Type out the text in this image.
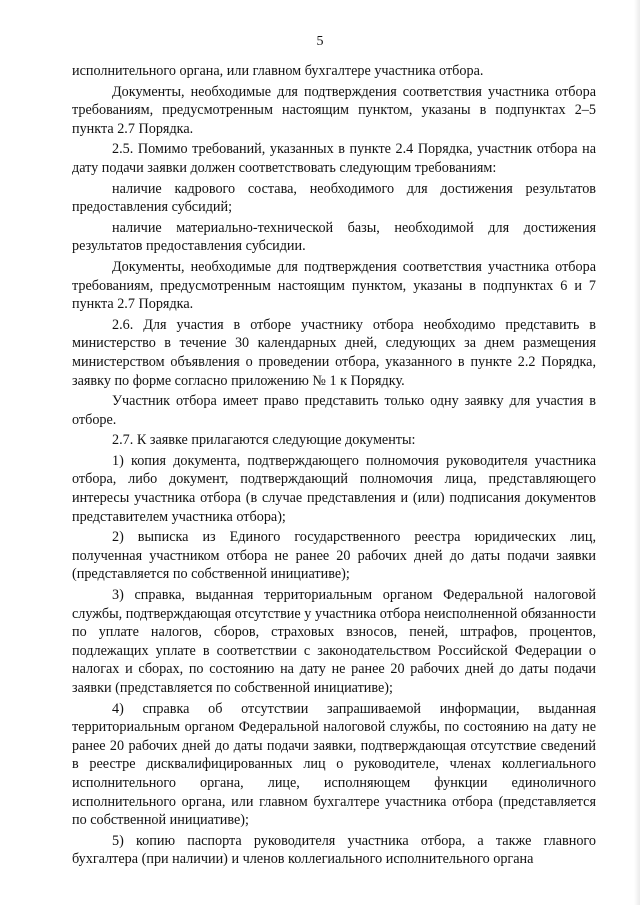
5

исполнительного органа, или главном бухгалтере участника отбора.

Документы, необходимые для подтверждения соответствия участника отбора требованиям, предусмотренным настоящим пунктом, указаны в подпунктах 2–5 пункта 2.7 Порядка.

2.5. Помимо требований, указанных в пункте 2.4 Порядка, участник отбора на дату подачи заявки должен соответствовать следующим требованиям:

наличие кадрового состава, необходимого для достижения результатов предоставления субсидий;

наличие материально-технической базы, необходимой для достижения результатов предоставления субсидии.

Документы, необходимые для подтверждения соответствия участника отбора требованиям, предусмотренным настоящим пунктом, указаны в подпунктах 6 и 7 пункта 2.7 Порядка.

2.6. Для участия в отборе участнику отбора необходимо представить в министерство в течение 30 календарных дней, следующих за днем размещения министерством объявления о проведении отбора, указанного в пункте 2.2 Порядка, заявку по форме согласно приложению № 1 к Порядку.

Участник отбора имеет право представить только одну заявку для участия в отборе.

2.7. К заявке прилагаются следующие документы:

1) копия документа, подтверждающего полномочия руководителя участника отбора, либо документ, подтверждающий полномочия лица, представляющего интересы участника отбора (в случае представления и (или) подписания документов представителем участника отбора);

2) выписка из Единого государственного реестра юридических лиц, полученная участником отбора не ранее 20 рабочих дней до даты подачи заявки (представляется по собственной инициативе);

3) справка, выданная территориальным органом Федеральной налоговой службы, подтверждающая отсутствие у участника отбора неисполненной обязанности по уплате налогов, сборов, страховых взносов, пеней, штрафов, процентов, подлежащих уплате в соответствии с законодательством Российской Федерации о налогах и сборах, по состоянию на дату не ранее 20 рабочих дней до даты подачи заявки (представляется по собственной инициативе);

4) справка об отсутствии запрашиваемой информации, выданная территориальным органом Федеральной налоговой службы, по состоянию на дату не ранее 20 рабочих дней до даты подачи заявки, подтверждающая отсутствие сведений в реестре дисквалифицированных лиц о руководителе, членах коллегиального исполнительного органа, лице, исполняющем функции единоличного исполнительного органа, или главном бухгалтере участника отбора (представляется по собственной инициативе);

5) копию паспорта руководителя участника отбора, а также главного бухгалтера (при наличии) и членов коллегиального исполнительного органа
